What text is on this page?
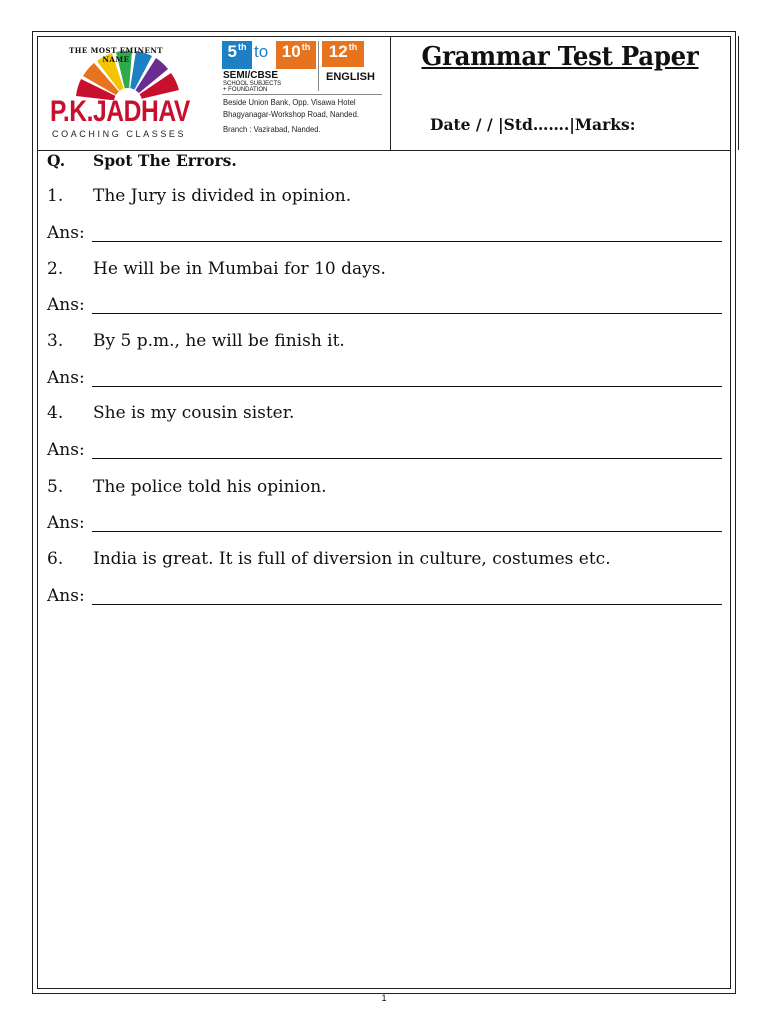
THE MOST EMINENT NAME
P.K.JADHAV
COACHING CLASSES
5th to 10th 12th
SEMI/CBSE
SCHOOL SUBJECTS
+ FOUNDATION
ENGLISH
Beside Union Bank, Opp. Visawa Hotel
Bhagyanagar-Workshop Road, Nanded.
Branch : Vazirabad, Nanded.
Grammar Test Paper
Date / / |Std…….|Marks:
Q. Spot The Errors.
1. The Jury is divided in opinion.
Ans:
2. He will be in Mumbai for 10 days.
Ans:
3. By 5 p.m., he will be finish it.
Ans:
4. She is my cousin sister.
Ans:
5. The police told his opinion.
Ans:
6. India is great. It is full of diversion in culture, costumes etc.
Ans:
1
